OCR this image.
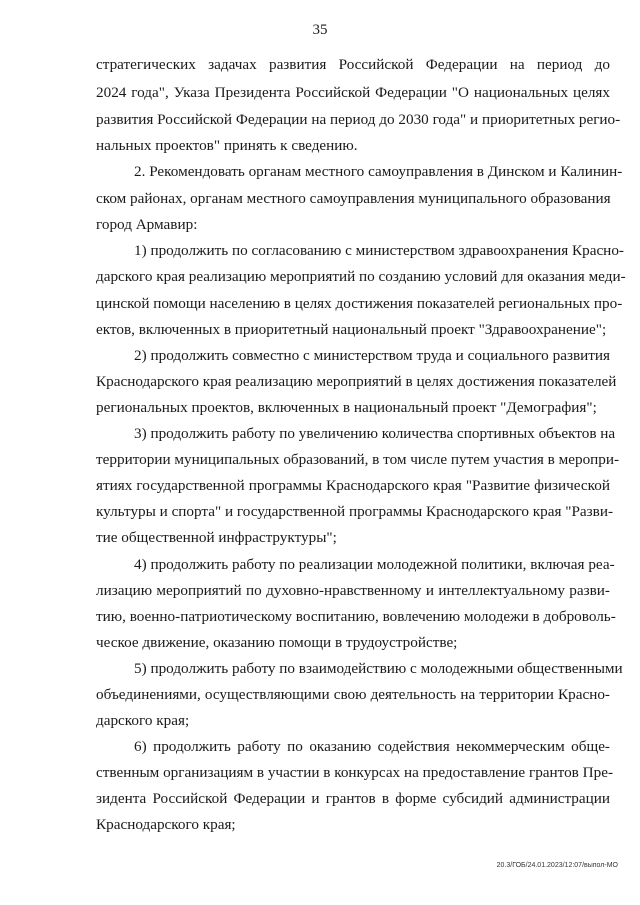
35
стратегических задачах развития Российской Федерации на период до
2024 года", Указа Президента Российской Федерации "О национальных целях
развития Российской Федерации на период до 2030 года" и приоритетных регио-
нальных проектов" принять к сведению.
2. Рекомендовать органам местного самоуправления в Динском и Калинин-
ском районах, органам местного самоуправления муниципального образования
город Армавир:
1) продолжить по согласованию с министерством здравоохранения Красно-
дарского края реализацию мероприятий по созданию условий для оказания меди-
цинской помощи населению в целях достижения показателей региональных про-
ектов, включенных в приоритетный национальный проект "Здравоохранение";
2) продолжить совместно с министерством труда и социального развития
Краснодарского края реализацию мероприятий в целях достижения показателей
региональных проектов, включенных в национальный проект "Демография";
3) продолжить работу по увеличению количества спортивных объектов на
территории муниципальных образований, в том числе путем участия в меропри-
ятиях государственной программы Краснодарского края "Развитие физической
культуры и спорта" и государственной программы Краснодарского края "Разви-
тие общественной инфраструктуры";
4) продолжить работу по реализации молодежной политики, включая реа-
лизацию мероприятий по духовно-нравственному и интеллектуальному разви-
тию, военно-патриотическому воспитанию, вовлечению молодежи в доброволь-
ческое движение, оказанию помощи в трудоустройстве;
5) продолжить работу по взаимодействию с молодежными общественными
объединениями, осуществляющими свою деятельность на территории Красно-
дарского края;
6) продолжить работу по оказанию содействия некоммерческим обще-
ственным организациям в участии в конкурсах на предоставление грантов Пре-
зидента Российской Федерации и грантов в форме субсидий администрации
Краснодарского края;
20.3/ГОБ/24.01.2023/12:07/выпол-МО
